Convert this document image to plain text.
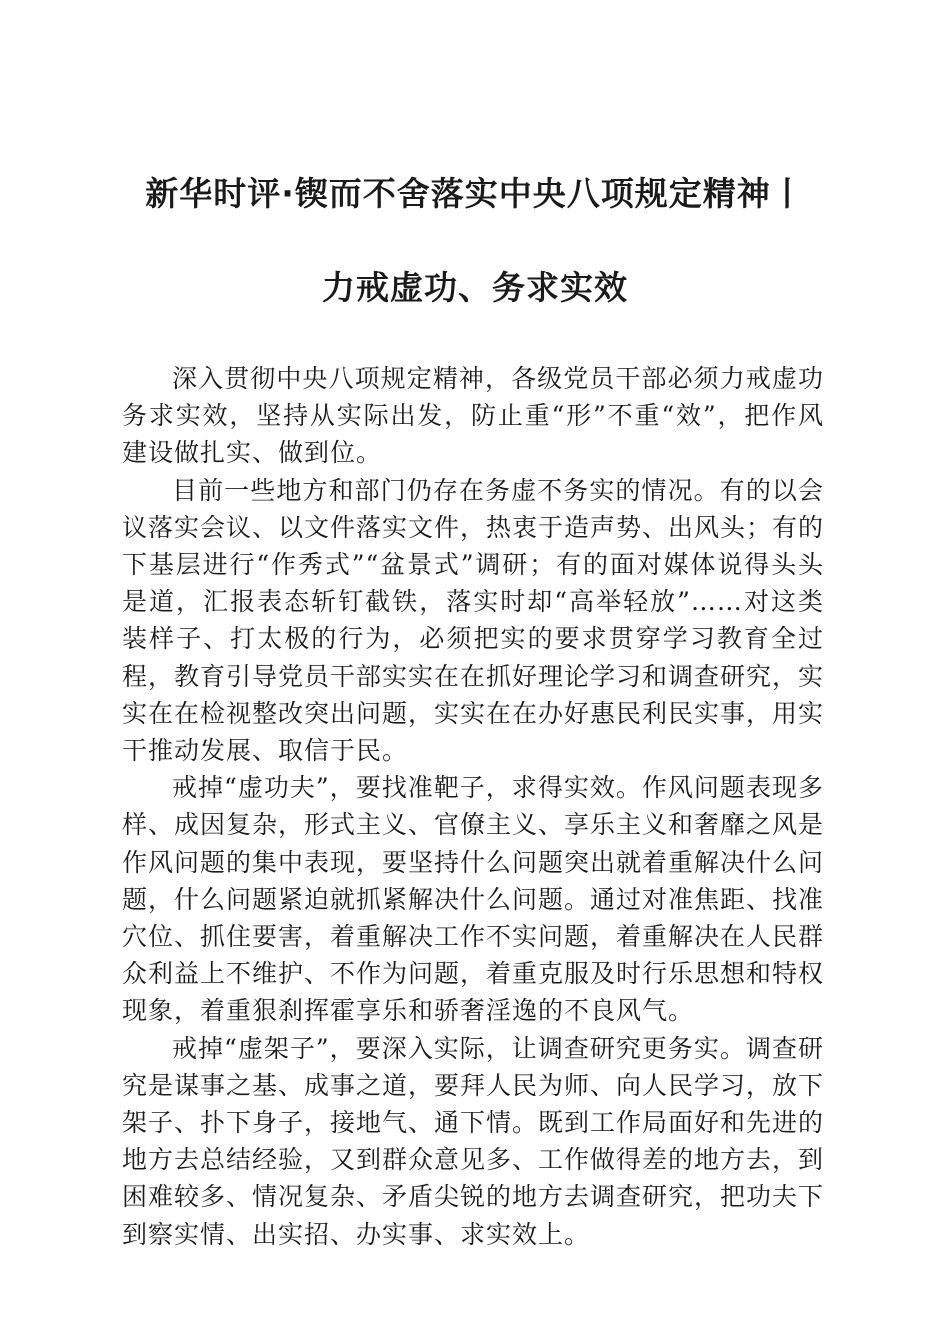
新华时评·锲而不舍落实中央八项规定精神丨
力戒虚功、务求实效

深入贯彻中央八项规定精神，各级党员干部必须力戒虚功务求实效，坚持从实际出发，防止重“形”不重“效”，把作风建设做扎实、做到位。

目前一些地方和部门仍存在务虚不务实的情况。有的以会议落实会议、以文件落实文件，热衷于造声势、出风头；有的下基层进行“作秀式”“盆景式”调研；有的面对媒体说得头头是道，汇报表态斩钉截铁，落实时却“高举轻放”……对这类装样子、打太极的行为，必须把实的要求贯穿学习教育全过程，教育引导党员干部实实在在抓好理论学习和调查研究，实实在在检视整改突出问题，实实在在办好惠民利民实事，用实干推动发展、取信于民。

戒掉“虚功夫”，要找准靶子，求得实效。作风问题表现多样、成因复杂，形式主义、官僚主义、享乐主义和奢靡之风是作风问题的集中表现，要坚持什么问题突出就着重解决什么问题，什么问题紧迫就抓紧解决什么问题。通过对准焦距、找准穴位、抓住要害，着重解决工作不实问题，着重解决在人民群众利益上不维护、不作为问题，着重克服及时行乐思想和特权现象，着重狠刹挥霍享乐和骄奢淫逸的不良风气。

戒掉“虚架子”，要深入实际，让调查研究更务实。调查研究是谋事之基、成事之道，要拜人民为师、向人民学习，放下架子、扑下身子，接地气、通下情。既到工作局面好和先进的地方去总结经验，又到群众意见多、工作做得差的地方去，到困难较多、情况复杂、矛盾尖锐的地方去调查研究，把功夫下到察实情、出实招、办实事、求实效上。
